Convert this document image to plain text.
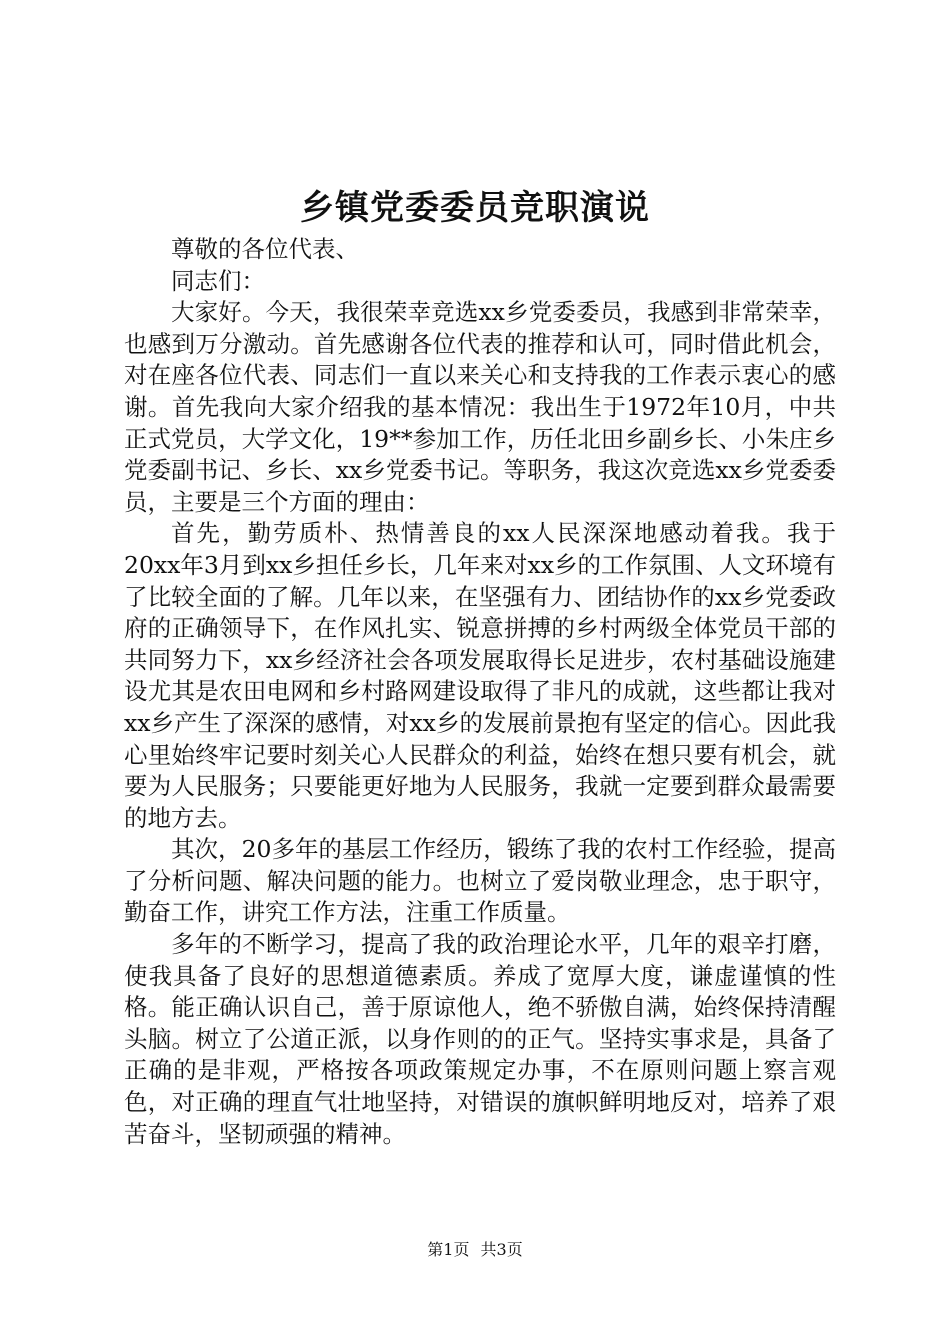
乡镇党委委员竞职演说

尊敬的各位代表、

同志们：

大家好。今天，我很荣幸竞选xx乡党委委员，我感到非常荣幸，也感到万分激动。首先感谢各位代表的推荐和认可，同时借此机会，对在座各位代表、同志们一直以来关心和支持我的工作表示衷心的感谢。首先我向大家介绍我的基本情况：我出生于1972年10月，中共正式党员，大学文化，19**参加工作，历任北田乡副乡长、小朱庄乡党委副书记、乡长、xx乡党委书记。等职务，我这次竞选xx乡党委委员，主要是三个方面的理由：

首先，勤劳质朴、热情善良的xx人民深深地感动着我。我于20xx年3月到xx乡担任乡长，几年来对xx乡的工作氛围、人文环境有了比较全面的了解。几年以来，在坚强有力、团结协作的xx乡党委政府的正确领导下，在作风扎实、锐意拼搏的乡村两级全体党员干部的共同努力下，xx乡经济社会各项发展取得长足进步，农村基础设施建设尤其是农田电网和乡村路网建设取得了非凡的成就，这些都让我对xx乡产生了深深的感情，对xx乡的发展前景抱有坚定的信心。因此我心里始终牢记要时刻关心人民群众的利益，始终在想只要有机会，就要为人民服务；只要能更好地为人民服务，我就一定要到群众最需要的地方去。

其次，20多年的基层工作经历，锻练了我的农村工作经验，提高了分析问题、解决问题的能力。也树立了爱岗敬业理念，忠于职守，勤奋工作，讲究工作方法，注重工作质量。

多年的不断学习，提高了我的政治理论水平，几年的艰辛打磨，使我具备了良好的思想道德素质。养成了宽厚大度，谦虚谨慎的性格。能正确认识自己，善于原谅他人，绝不骄傲自满，始终保持清醒头脑。树立了公道正派，以身作则的的正气。坚持实事求是，具备了正确的是非观，严格按各项政策规定办事，不在原则问题上察言观色，对正确的理直气壮地坚持，对错误的旗帜鲜明地反对，培养了艰苦奋斗，坚韧顽强的精神。

第1页 共3页
